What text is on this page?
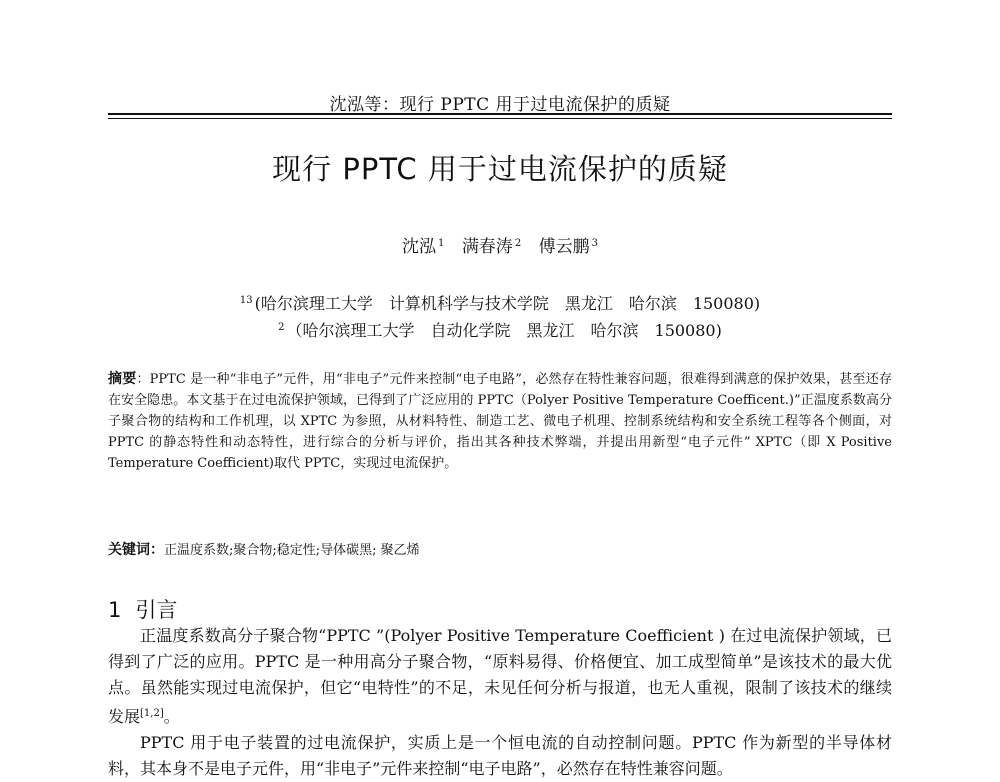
沈泓等：现行 PPTC 用于过电流保护的质疑
现行 PPTC 用于过电流保护的质疑
沈泓 $^1$ 满春涛 $^2$ 傅云鹏 $^3$
$^{13}$ (哈尔滨理工大学　计算机科学与技术学院　黑龙江　哈尔滨　150080)
$^2$ （哈尔滨理工大学　自动化学院　黑龙江　哈尔滨　150080)
摘要：PPTC 是一种“非电子”元件，用“非电子”元件来控制“电子电路”，必然存在特性兼容问题，很难得到满意的保护效果，甚至还存在安全隐患。本文基于在过电流保护领域，已得到了广泛应用的 PPTC（Polyer Positive Temperature Coefficent.)”正温度系数高分子聚合物的结构和工作机理，以 XPTC 为参照，从材料特性、制造工艺、微电子机理、控制系统结构和安全系统工程等各个侧面，对 PPTC 的静态特性和动态特性，进行综合的分析与评价，指出其各种技术弊端，并提出用新型“电子元件” XPTC（即 X Positive Temperature Coefficient)取代 PPTC，实现过电流保护。
关键词：正温度系数;聚合物;稳定性;导体碳黑; 聚乙烯
1 引言

正温度系数高分子聚合物“PPTC ”(Polyer Positive Temperature Coefficient ) 在过电流保护领域，已得到了广泛的应用。PPTC 是一种用高分子聚合物，“原料易得、价格便宜、加工成型简单”是该技术的最大优点。虽然能实现过电流保护，但它“电特性”的不足，未见任何分析与报道，也无人重视，限制了该技术的继续发展[1,2]。

PPTC 用于电子装置的过电流保护，实质上是一个恒电流的自动控制问题。PPTC 作为新型的半导体材料，其本身不是电子元件，用“非电子”元件来控制“电子电路”，必然存在特性兼容问题。
